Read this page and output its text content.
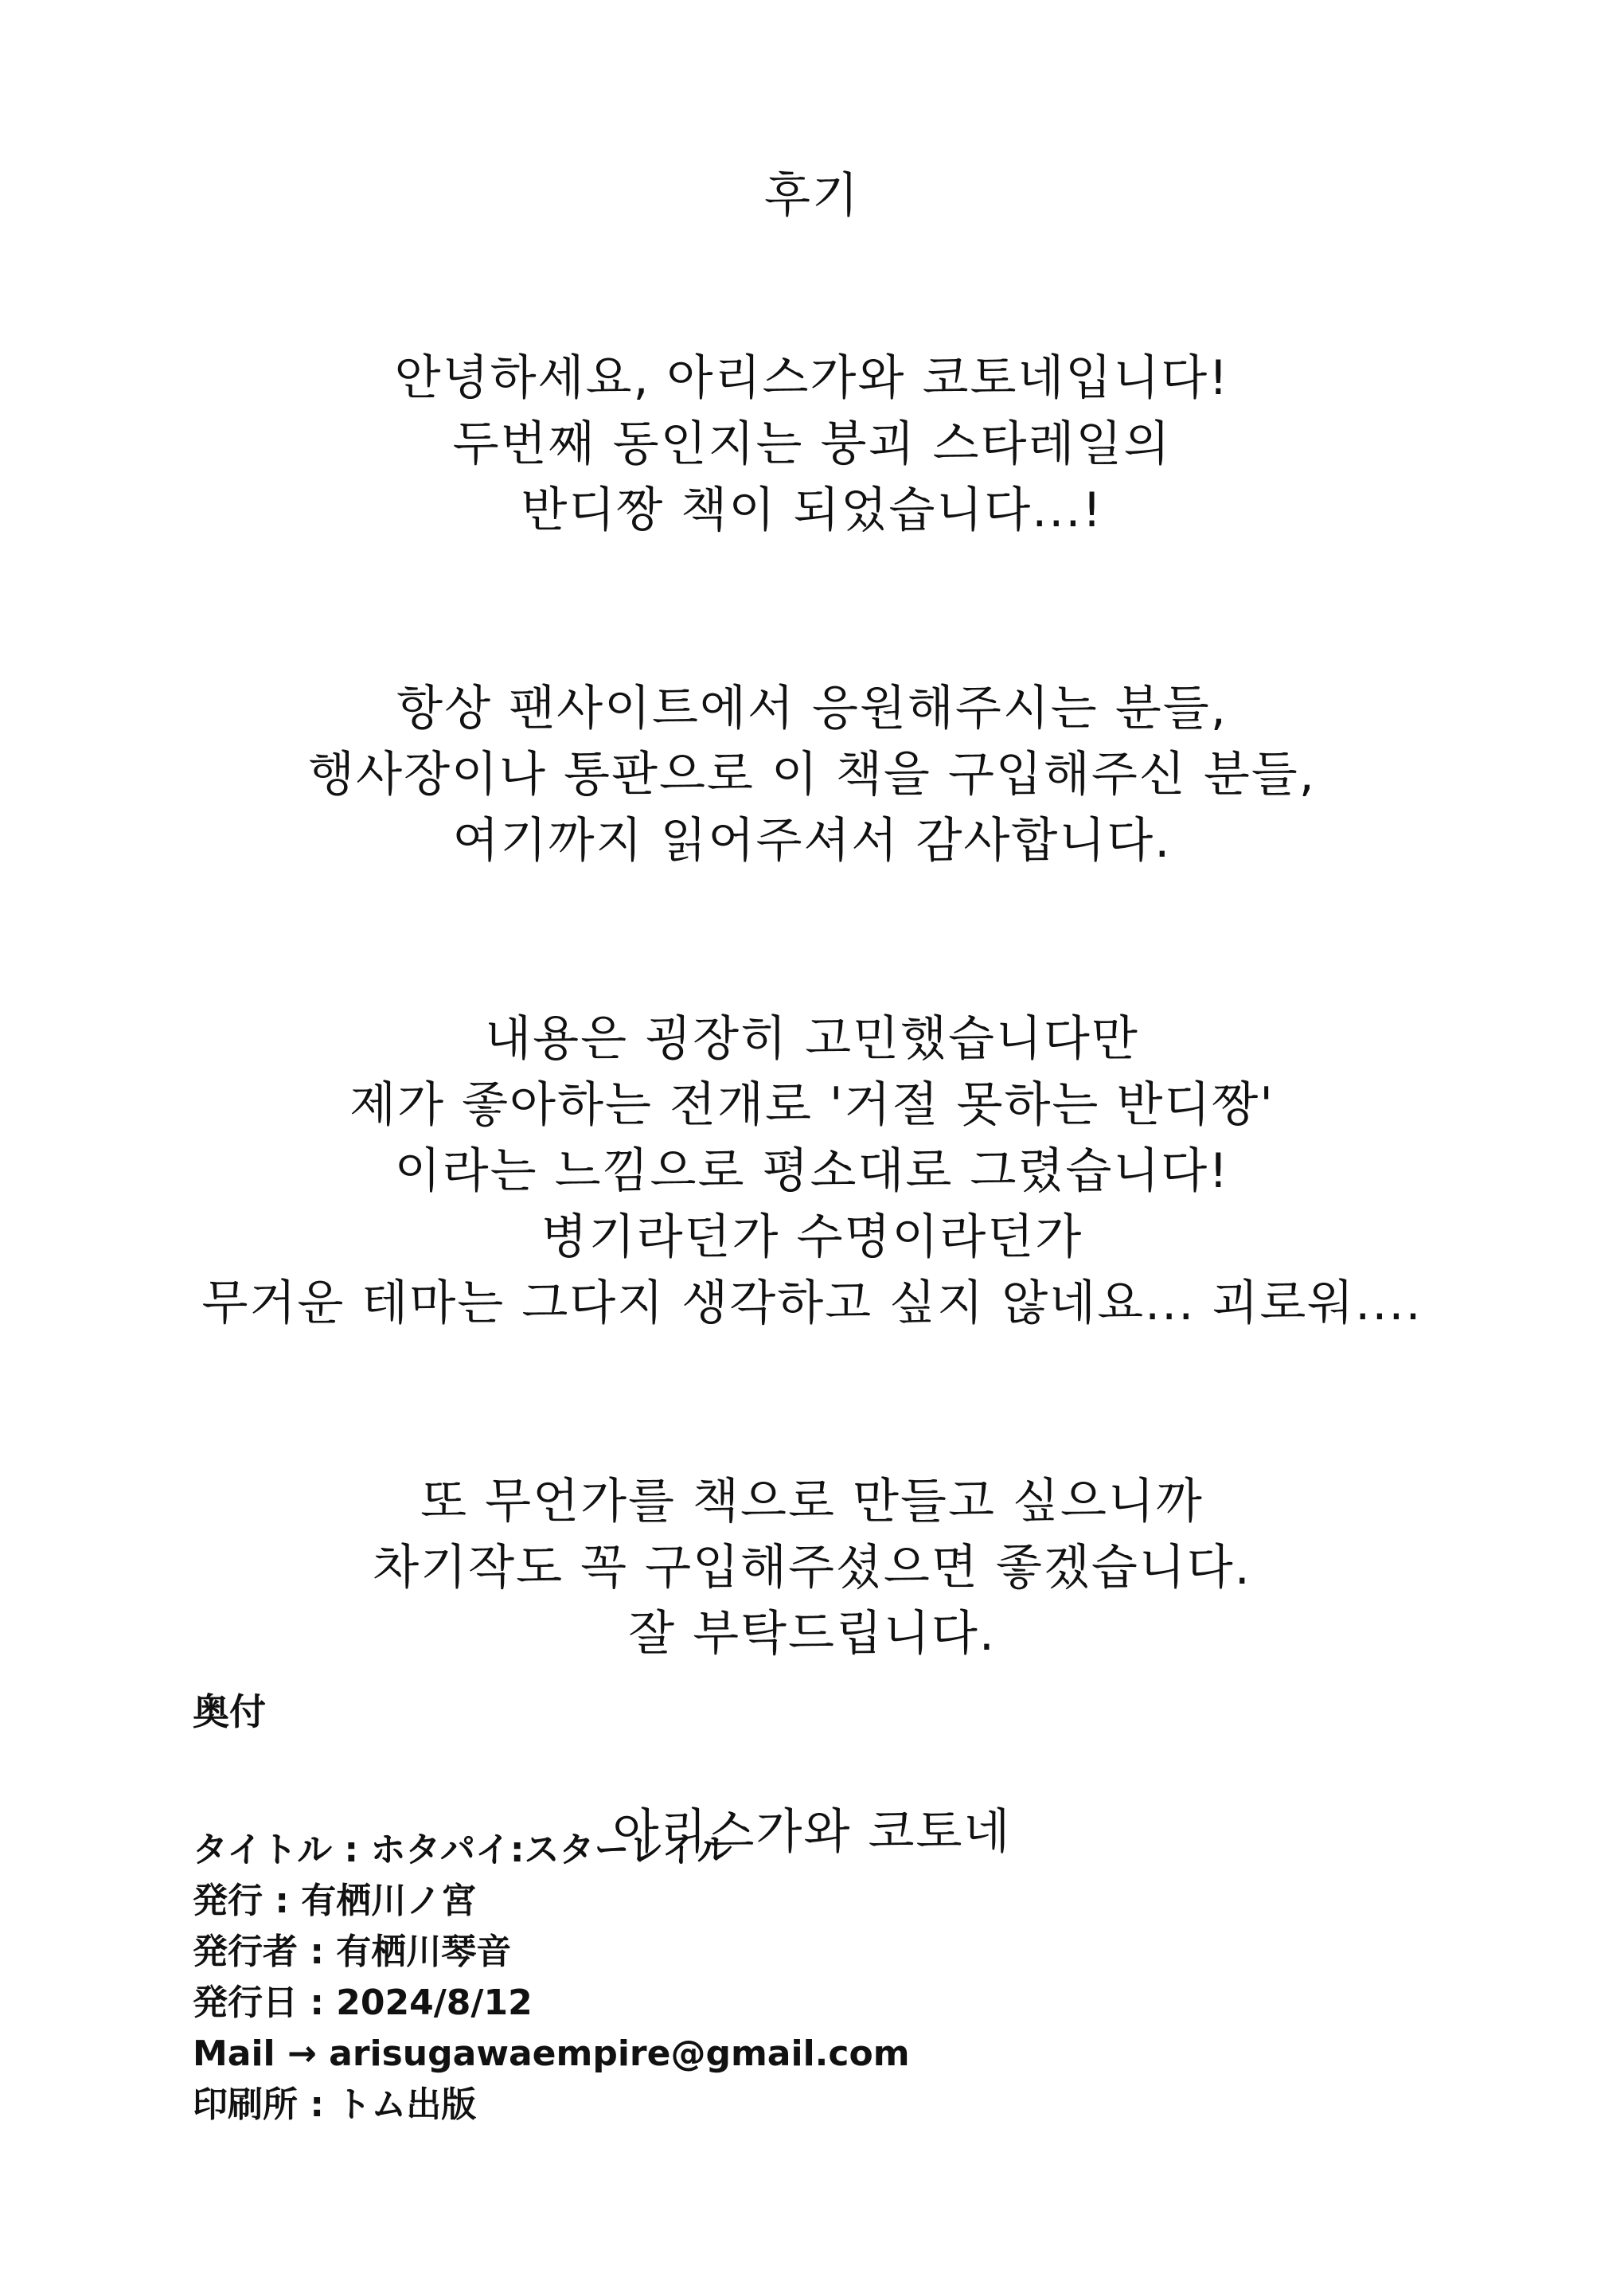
후기
안녕하세요, 아리스가와 코토네입니다!
두번째 동인지는 붕괴 스타레일의
반디짱 책이 되었습니다...!
항상 팬사이트에서 응원해주시는 분들,
행사장이나 통판으로 이 책을 구입해주신 분들,
여기까지 읽어주셔서 감사합니다.
내용은 굉장히 고민했습니다만
제가 좋아하는 전개로 '거절 못하는 반디짱'
이라는 느낌으로 평소대로 그렸습니다!
병기라던가 수명이라던가
무거운 테마는 그다지 생각하고 싶지 않네요... 괴로워....
또 무언가를 책으로 만들고 싶으니까
차기작도 꼭 구입해주셨으면 좋겠습니다.
잘 부탁드립니다.
아리스가와 코토네
奥付
タイトル : ホタパイ:スターレイル
発行 : 有栖川ノ宮
発行者 : 有栖川琴音
発行日 : 2024/8/12
Mail → arisugawaempire@gmail.com
印刷所 : トム出版
